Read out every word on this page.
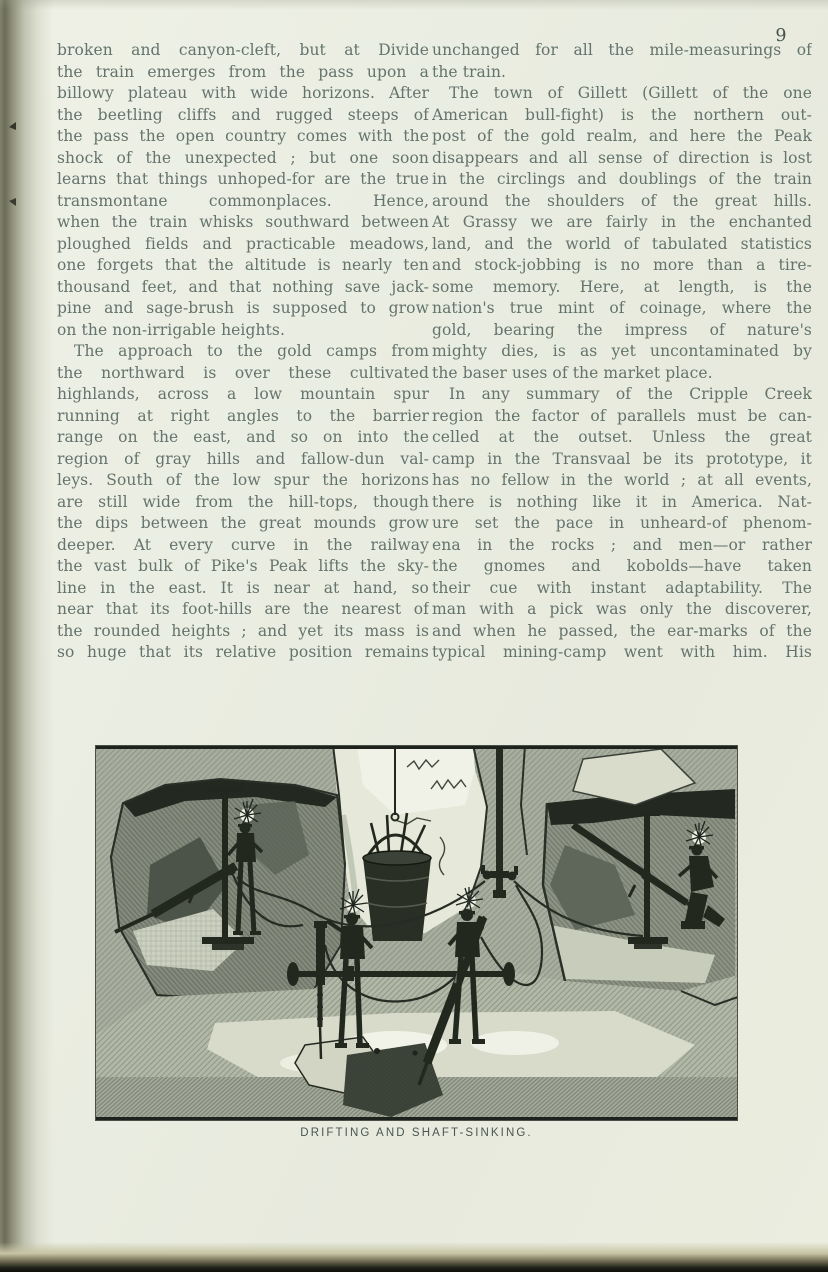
9
broken and canyon-cleft, but at Divide
the train emerges from the pass upon a
billowy plateau with wide horizons. After
the beetling cliffs and rugged steeps of
the pass the open country comes with the
shock of the unexpected ; but one soon
learns that things unhoped-for are the true
transmontane commonplaces. Hence,
when the train whisks southward between
ploughed fields and practicable meadows,
one forgets that the altitude is nearly ten
thousand feet, and that nothing save jack-
pine and sage-brush is supposed to grow
on the non-irrigable heights.
The approach to the gold camps from
the northward is over these cultivated
highlands, across a low mountain spur
running at right angles to the barrier
range on the east, and so on into the
region of gray hills and fallow-dun val-
leys. South of the low spur the horizons
are still wide from the hill-tops, though
the dips between the great mounds grow
deeper. At every curve in the railway
the vast bulk of Pike's Peak lifts the sky-
line in the east. It is near at hand, so
near that its foot-hills are the nearest of
the rounded heights ; and yet its mass is
so huge that its relative position remains
unchanged for all the mile-measurings of
the train.
The town of Gillett (Gillett of the one
American bull-fight) is the northern out-
post of the gold realm, and here the Peak
disappears and all sense of direction is lost
in the circlings and doublings of the train
around the shoulders of the great hills.
At Grassy we are fairly in the enchanted
land, and the world of tabulated statistics
and stock-jobbing is no more than a tire-
some memory. Here, at length, is the
nation's true mint of coinage, where the
gold, bearing the impress of nature's
mighty dies, is as yet uncontaminated by
the baser uses of the market place.
In any summary of the Cripple Creek
region the factor of parallels must be can-
celled at the outset. Unless the great
camp in the Transvaal be its prototype, it
has no fellow in the world ; at all events,
there is nothing like it in America. Nat-
ure set the pace in unheard-of phenom-
ena in the rocks ; and men—or rather
the gnomes and kobolds—have taken
their cue with instant adaptability. The
man with a pick was only the discoverer,
and when he passed, the ear-marks of the
typical mining-camp went with him. His
DRIFTING AND SHAFT-SINKING.
